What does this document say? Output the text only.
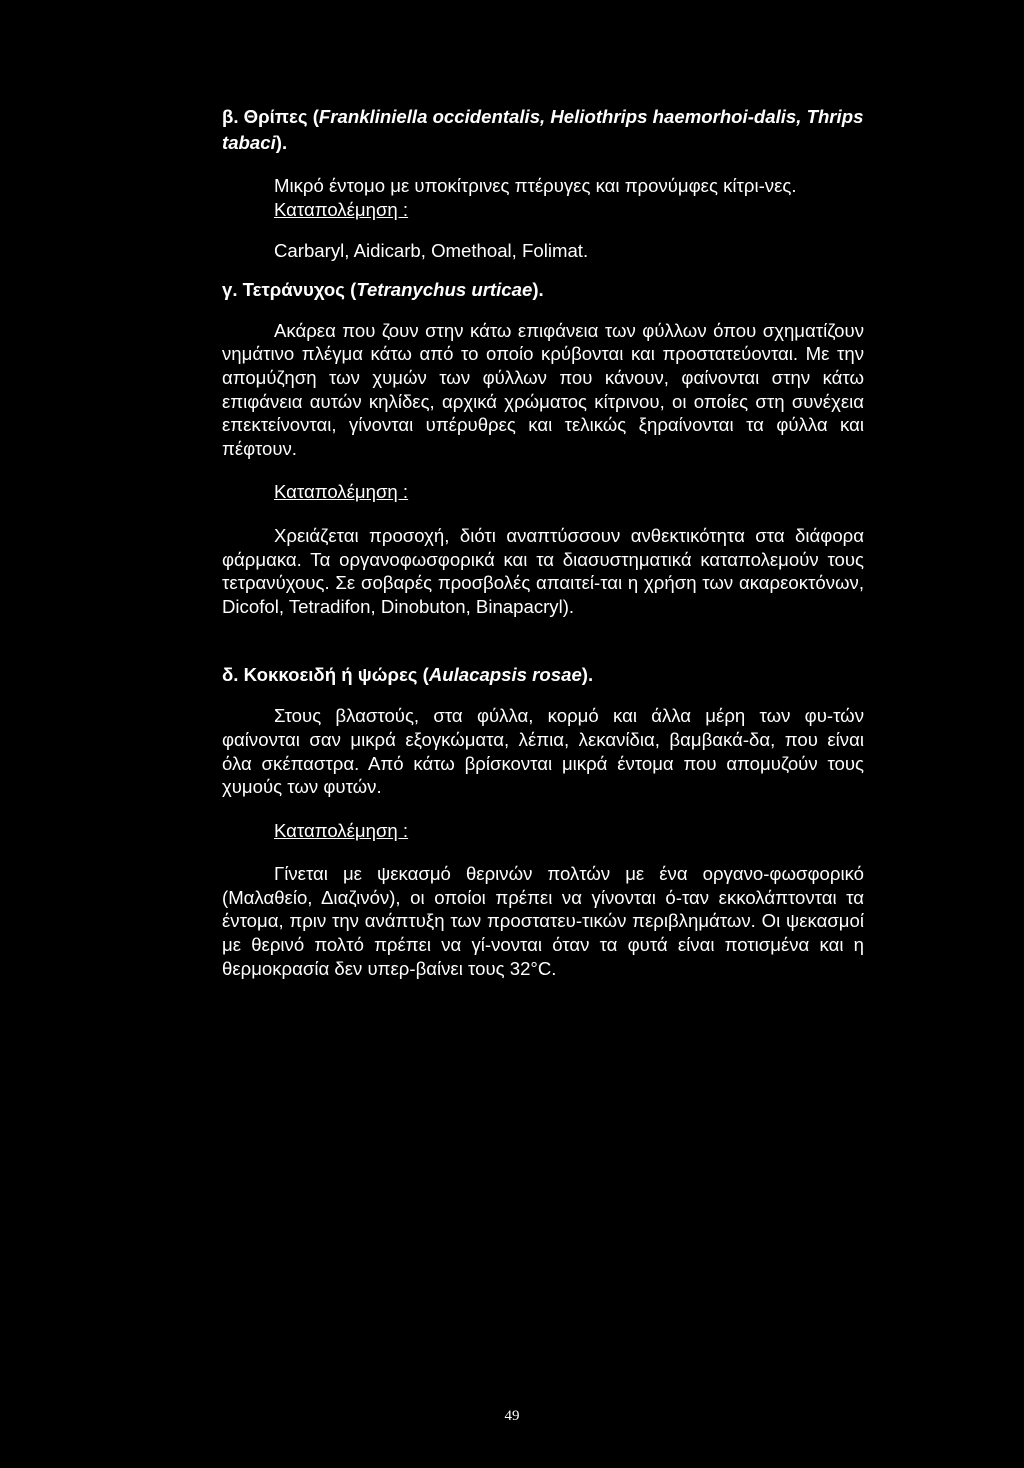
β. Θρίπες (Frankliniella occidentalis, Heliothrips haemorhoi-dalis, Thrips tabaci).

Μικρό έντομο με υποκίτρινες πτέρυγες και προνύμφες κίτρι-νες.

Καταπολέμηση :

Carbaryl, Aidicarb, Omethoal, Folimat.

γ. Τετράνυχος (Tetranychus urticae).

Ακάρεα που ζουν στην κάτω επιφάνεια των φύλλων όπου σχηματίζουν νημάτινο πλέγμα κάτω από το οποίο κρύβονται και προστατεύονται. Με την απομύζηση των χυμών των φύλλων που κάνουν, φαίνονται στην κάτω επιφάνεια αυτών κηλίδες, αρχικά χρώματος κίτρινου, οι οποίες στη συνέχεια επεκτείνονται, γίνονται υπέρυθρες και τελικώς ξηραίνονται τα φύλλα και πέφτουν.

Καταπολέμηση :

Χρειάζεται προσοχή, διότι αναπτύσσουν ανθεκτικότητα στα διάφορα φάρμακα. Τα οργανοφωσφορικά και τα διασυστηματικά καταπολεμούν τους τετρανύχους. Σε σοβαρές προσβολές απαιτεί-ται η χρήση των ακαρεοκτόνων, Dicofol, Tetradifon, Dinobuton, Binapacryl).

δ. Κοκκοειδή ή ψώρες (Aulacapsis rosae).

Στους βλαστούς, στα φύλλα, κορμό και άλλα μέρη των φυ-τών φαίνονται σαν μικρά εξογκώματα, λέπια, λεκανίδια, βαμβακά-δα, που είναι όλα σκέπαστρα. Από κάτω βρίσκονται μικρά έντομα που απομυζούν τους χυμούς των φυτών.

Καταπολέμηση :

Γίνεται με ψεκασμό θερινών πολτών με ένα οργανο-φωσφορικό (Μαλαθείο, Διαζινόν), οι οποίοι πρέπει να γίνονται ό-ταν εκκολάπτονται τα έντομα, πριν την ανάπτυξη των προστατευ-τικών περιβλημάτων. Οι ψεκασμοί με θερινό πολτό πρέπει να γί-νονται όταν τα φυτά είναι ποτισμένα και η θερμοκρασία δεν υπερ-βαίνει τους 32°C.

49
